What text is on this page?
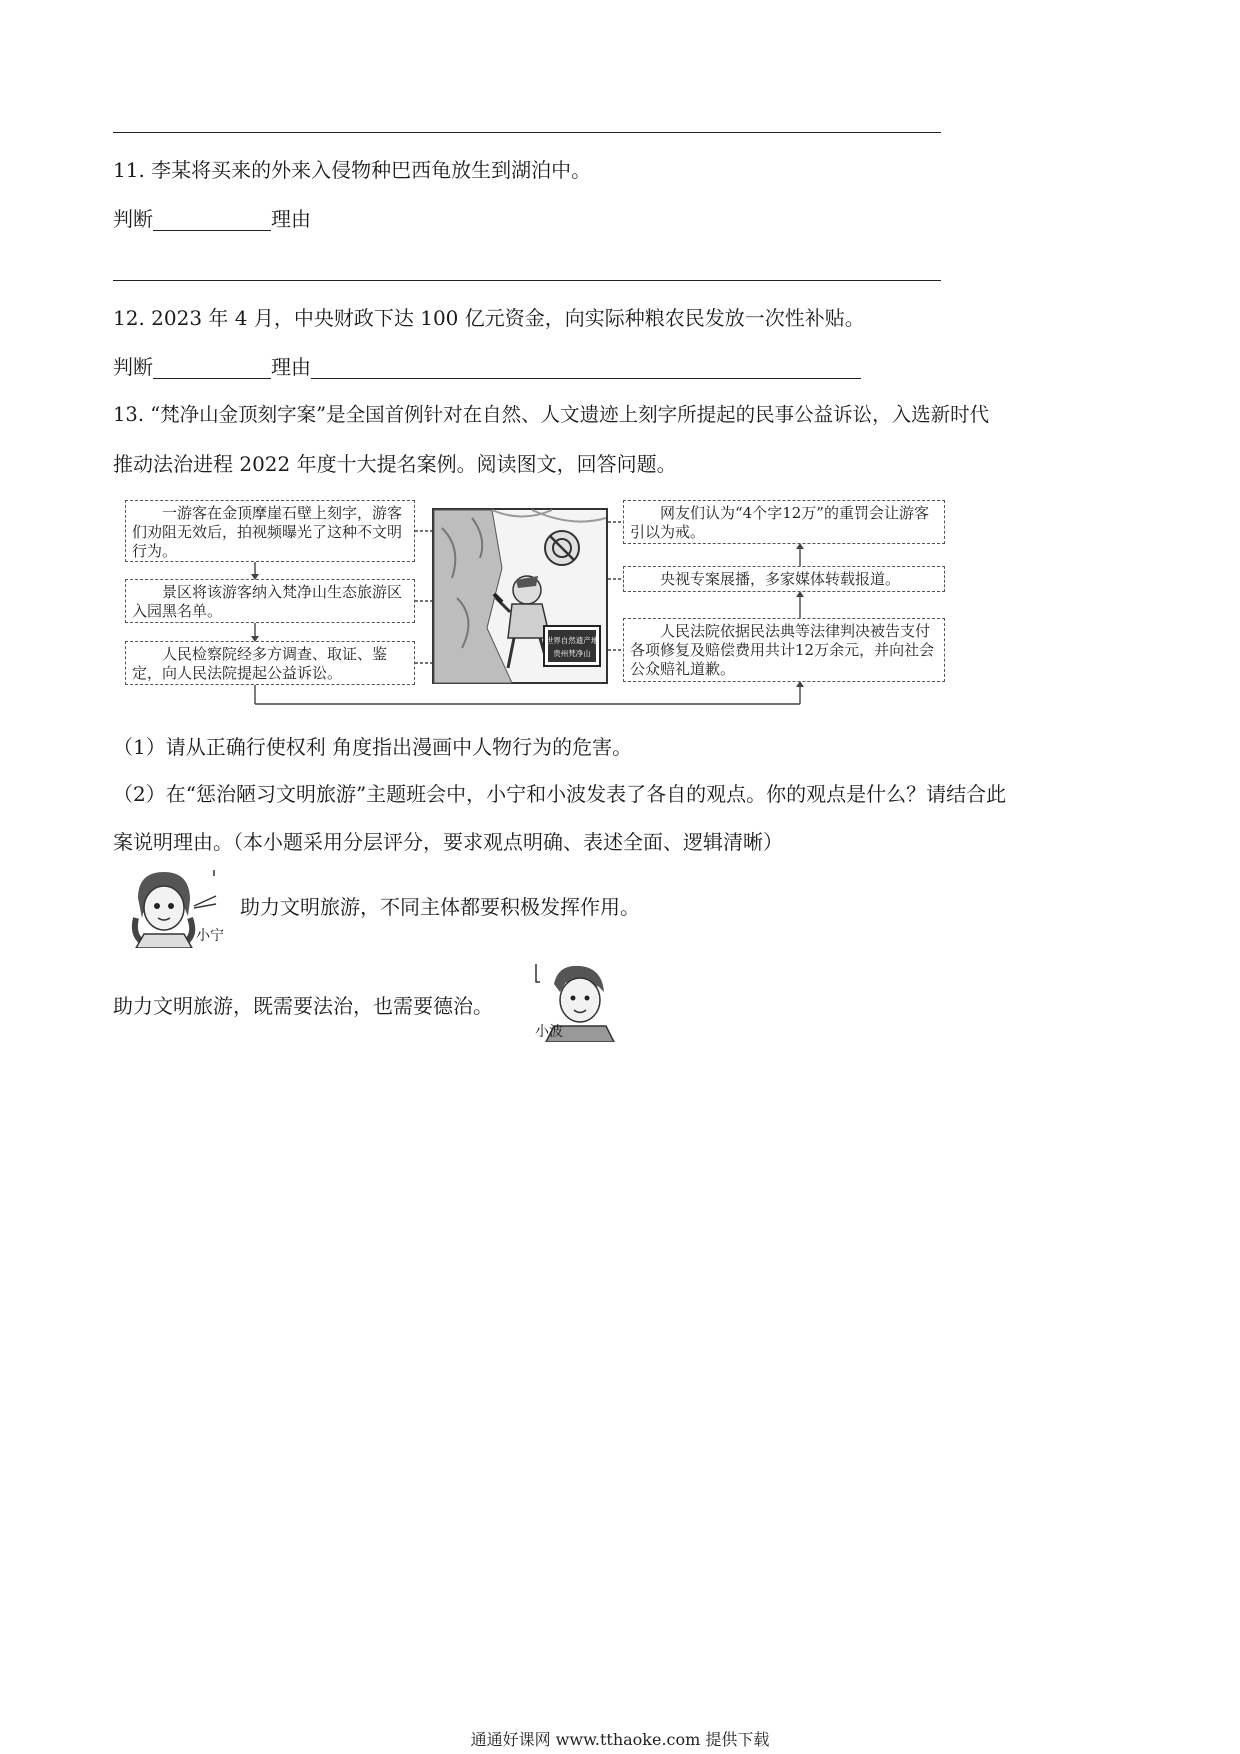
11. 李某将买来的外来入侵物种巴西龟放生到湖泊中。
判断	理由
12. 2023 年 4 月，中央财政下达 100 亿元资金，向实际种粮农民发放一次性补贴。
判断	理由
13. “梵净山金顶刻字案”是全国首例针对在自然、人文遗迹上刻字所提起的民事公益诉讼，入选新时代
推动法治进程 2022 年度十大提名案例。阅读图文，回答问题。
一游客在金顶摩崖石壁上刻字，游客们劝阻无效后，拍视频曝光了这种不文明行为。
景区将该游客纳入梵净山生态旅游区入园黑名单。
人民检察院经多方调查、取证、鉴定，向人民法院提起公益诉讼。
网友们认为“4个字12万”的重罚会让游客引以为戒。
央视专案展播，多家媒体转载报道。
人民法院依据民法典等法律判决被告支付各项修复及赔偿费用共计12万余元，并向社会公众赔礼道歉。
世界自然遗产地
贵州梵净山
（1）请从正确行使权利 角度指出漫画中人物行为的危害。
（2）在“惩治陋习文明旅游”主题班会中，小宁和小波发表了各自的观点。你的观点是什么？请结合此
案说明理由。（本小题采用分层评分，要求观点明确、表述全面、逻辑清晰）
小宁
助力文明旅游，不同主体都要积极发挥作用。
助力文明旅游，既需要法治，也需要德治。
小波
通通好课网 www.tthaoke.com 提供下载
